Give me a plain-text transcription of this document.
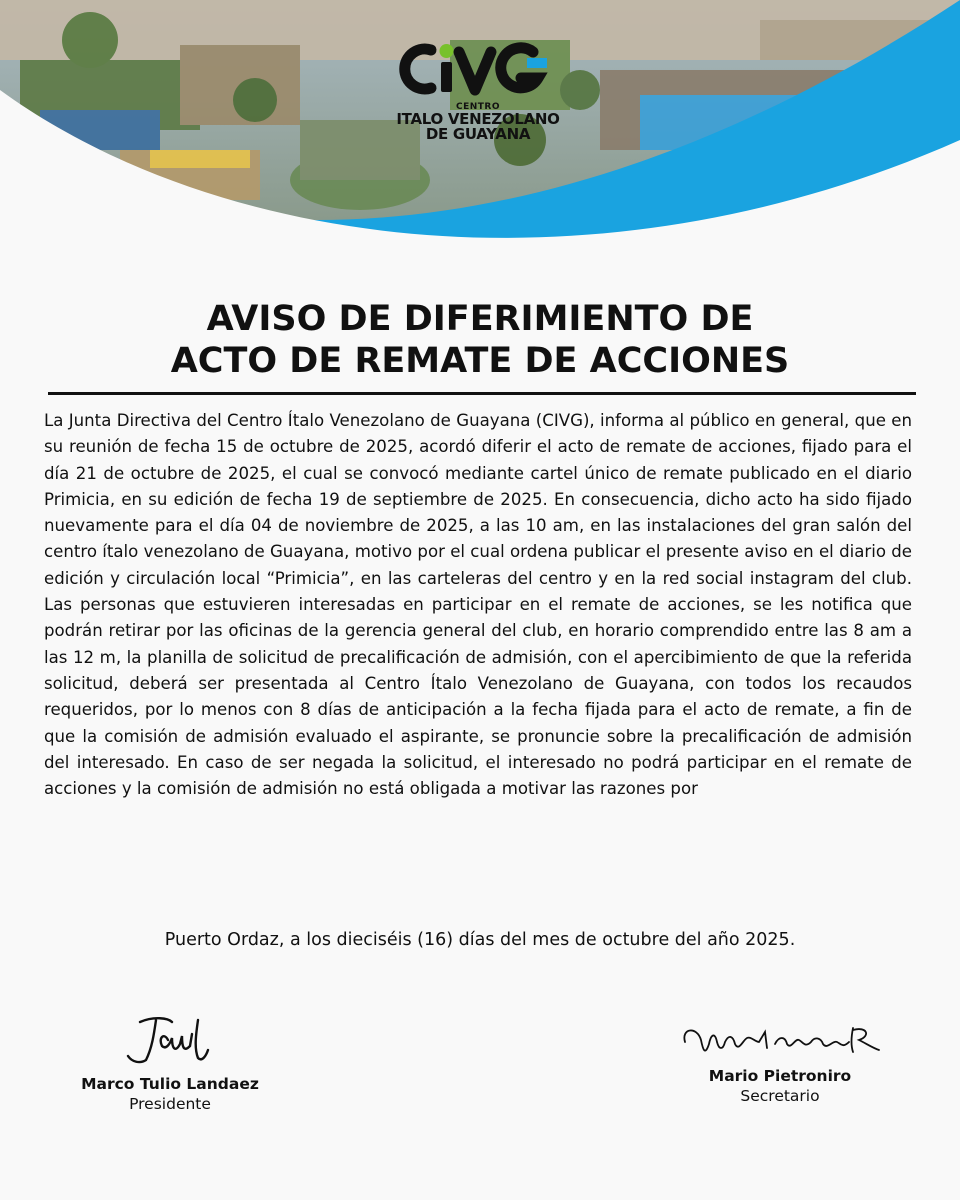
CENTRO
ITALO VENEZOLANO
DE GUAYANA
AVISO DE DIFERIMIENTO DE
ACTO DE REMATE DE ACCIONES

La Junta Directiva del Centro Ítalo Venezolano de Guayana (CIVG), informa al público en general, que en su reunión de fecha 15 de octubre de 2025, acordó diferir el acto de remate de acciones, fijado para el día 21 de octubre de 2025, el cual se convocó mediante cartel único de remate publicado en el diario Primicia, en su edición de fecha 19 de septiembre de 2025. En consecuencia, dicho acto ha sido fijado nuevamente para el día 04 de noviembre de 2025, a las 10 am, en las instalaciones del gran salón del centro ítalo venezolano de Guayana, motivo por el cual ordena publicar el presente aviso en el diario de edición y circulación local “Primicia”, en las carteleras del centro y en la red social instagram del club. Las personas que estuvieren interesadas en participar en el remate de acciones, se les notifica que podrán retirar por las oficinas de la gerencia general del club, en horario comprendido entre las 8 am a las 12 m, la planilla de solicitud de precalificación de admisión, con el apercibimiento de que la referida solicitud, deberá ser presentada al Centro Ítalo Venezolano de Guayana, con todos los recaudos requeridos, por lo menos con 8 días de anticipación a la fecha fijada para el acto de remate, a fin de que la comisión de admisión evaluado el aspirante, se pronuncie sobre la precalificación de admisión del interesado. En caso de ser negada la solicitud, el interesado no podrá participar en el remate de acciones y la comisión de admisión no está obligada a motivar las razones por

Puerto Ordaz, a los dieciséis (16) días del mes de octubre del año 2025.

Marco Tulio Landaez
Presidente
Mario Pietroniro
Secretario
